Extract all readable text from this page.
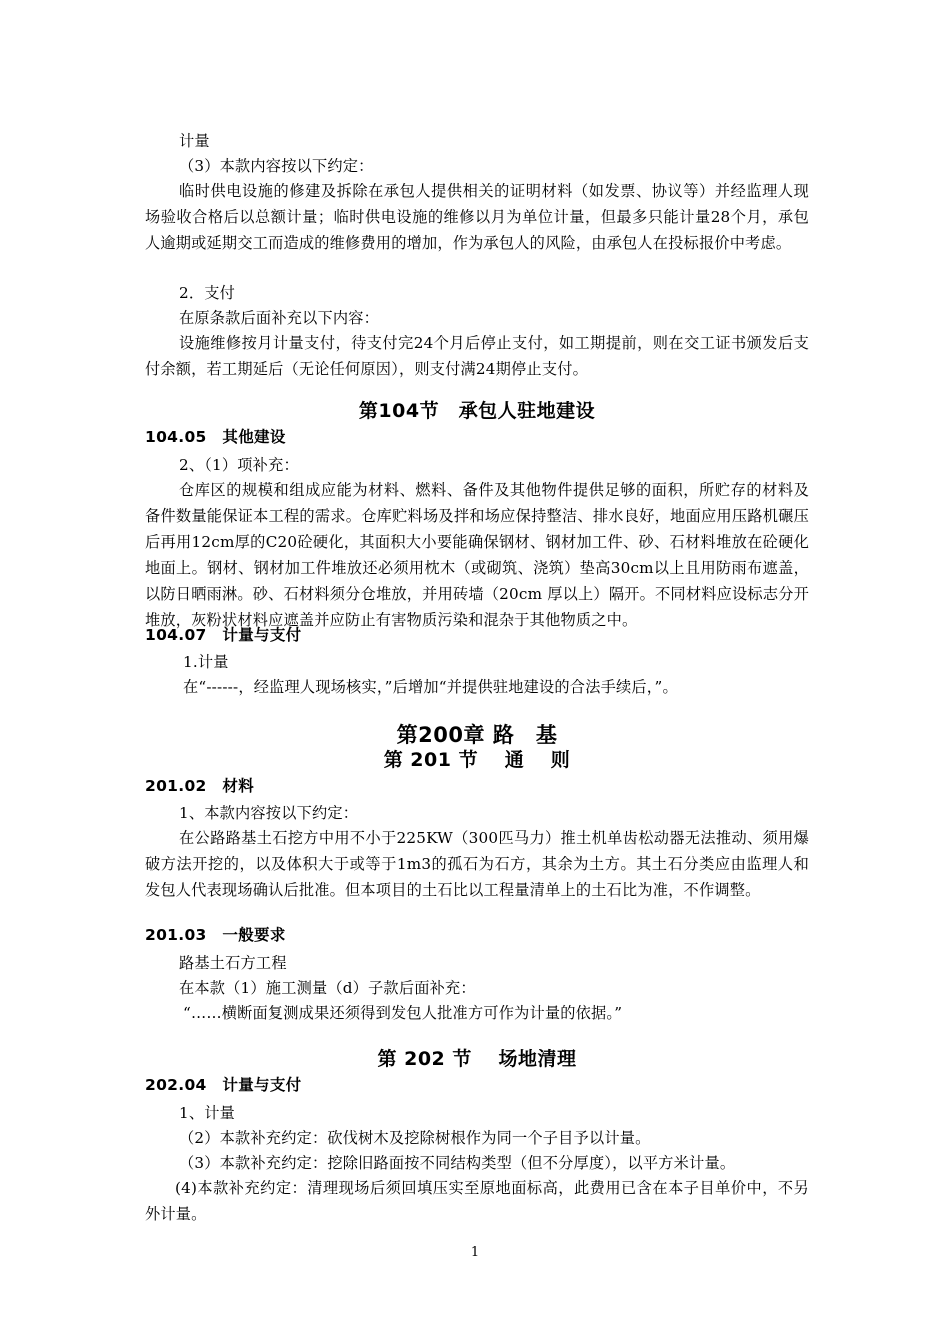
计量
（3）本款内容按以下约定：
临时供电设施的修建及拆除在承包人提供相关的证明材料（如发票、协议等）并经监理人现场验收合格后以总额计量；临时供电设施的维修以月为单位计量，但最多只能计量28个月，承包人逾期或延期交工而造成的维修费用的增加，作为承包人的风险，由承包人在投标报价中考虑。
2．支付
在原条款后面补充以下内容：
设施维修按月计量支付，待支付完24个月后停止支付，如工期提前，则在交工证书颁发后支付余额，若工期延后（无论任何原因），则支付满24期停止支付。
第104节　承包人驻地建设
104.05　其他建设
2、（1）项补充：
仓库区的规模和组成应能为材料、燃料、备件及其他物件提供足够的面积，所贮存的材料及备件数量能保证本工程的需求。仓库贮料场及拌和场应保持整洁、排水良好，地面应用压路机碾压后再用12cm厚的C20砼硬化，其面积大小要能确保钢材、钢材加工件、砂、石材料堆放在砼硬化地面上。钢材、钢材加工件堆放还必须用枕木（或砌筑、浇筑）垫高30cm以上且用防雨布遮盖，以防日晒雨淋。砂、石材料须分仓堆放，并用砖墙（20cm 厚以上）隔开。不同材料应设标志分开堆放，灰粉状材料应遮盖并应防止有害物质污染和混杂于其他物质之中。
104.07　计量与支付
1.计量
在“------，经监理人现场核实，”后增加“并提供驻地建设的合法手续后，”。
第200章 路　基
第 201 节　 通　 则
201.02　材料
1、本款内容按以下约定：
在公路路基土石挖方中用不小于225KW（300匹马力）推土机单齿松动器无法推动、须用爆破方法开挖的，以及体积大于或等于1m3的孤石为石方，其余为土方。其土石分类应由监理人和发包人代表现场确认后批准。但本项目的土石比以工程量清单上的土石比为准，不作调整。
201.03　一般要求
路基土石方工程
在本款（1）施工测量（d）子款后面补充：
“……横断面复测成果还须得到发包人批准方可作为计量的依据。”
第 202 节　 场地清理
202.04　计量与支付
1、计量
（2）本款补充约定：砍伐树木及挖除树根作为同一个子目予以计量。
（3）本款补充约定：挖除旧路面按不同结构类型（但不分厚度），以平方米计量。
(4)本款补充约定：清理现场后须回填压实至原地面标高，此费用已含在本子目单价中，不另外计量。
1
